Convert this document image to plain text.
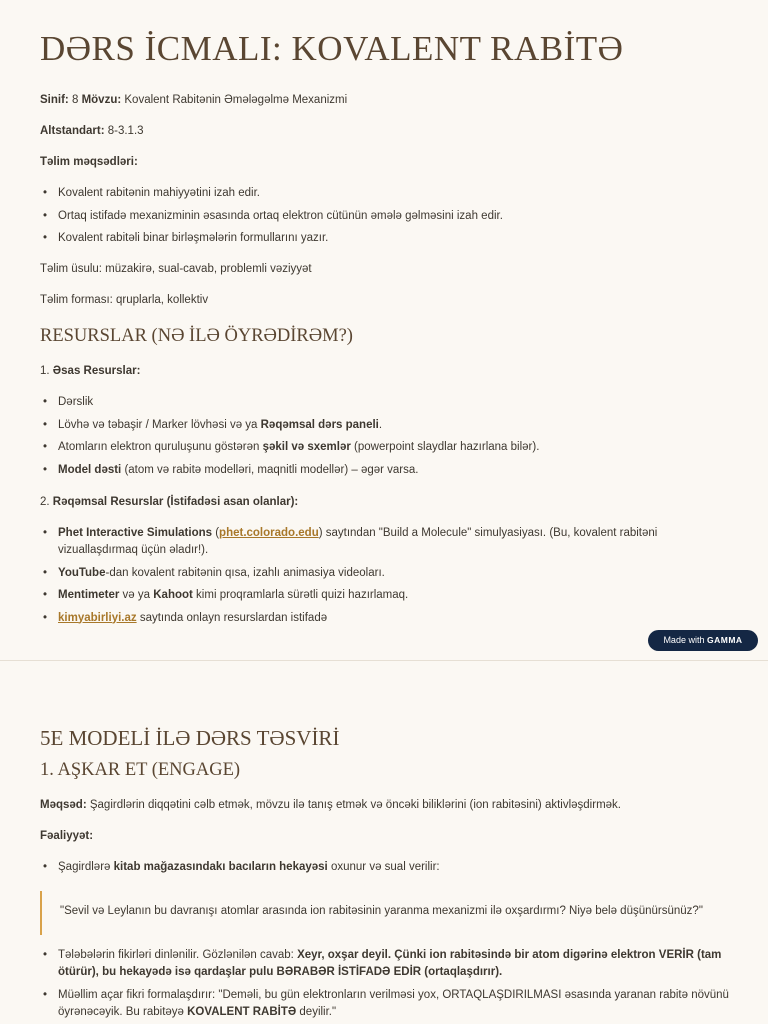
DƏRS İCMALI: KOVALENT RABİTƏ

Sinif: 8 Mövzu: Kovalent Rabitənin Əmələgəlmə Mexanizmi

Altstandart: 8-3.1.3

Təlim məqsədləri:

• Kovalent rabitənin mahiyyətini izah edir.
• Ortaq istifadə mexanizminin əsasında ortaq elektron cütünün əmələ gəlməsini izah edir.
• Kovalent rabitəli binar birləşmələrin formullarını yazır.

Təlim üsulu: müzakirə, sual-cavab, problemli vəziyyət

Təlim forması: qruplarla, kollektiv

RESURSLAR (NƏ İLƏ ÖYRƏDİRƏM?)

1. Əsas Resurslar:

• Dərslik
• Lövhə və təbaşir / Marker lövhəsi və ya Rəqəmsal dərs paneli.
• Atomların elektron quruluşunu göstərən şəkil və sxemlər (powerpoint slaydlar hazırlana bilər).
• Model dəsti (atom və rabitə modelləri, maqnitli modellər) – əgər varsa.

2. Rəqəmsal Resurslar (İstifadəsi asan olanlar):

• Phet Interactive Simulations (phet.colorado.edu) saytından "Build a Molecule" simulyasiyası. (Bu, kovalent rabitəni vizuallaşdırmaq üçün əladır!).
• YouTube-dan kovalent rabitənin qısa, izahlı animasiya videoları.
• Mentimeter və ya Kahoot kimi proqramlarla sürətli quizi hazırlamaq.
• kimyabirliyi.az saytında onlayn resurslardan istifadə
Made with GAMMA
5E MODELİ İLƏ DƏRS TƏSVİRİ
1. AŞKAR ET (ENGAGE)

Məqsəd: Şagirdlərin diqqətini cəlb etmək, mövzu ilə tanış etmək və öncəki biliklərini (ion rabitəsini) aktivləşdirmək.

Fəaliyyət:

• Şagirdlərə kitab mağazasındakı bacıların hekayəsi oxunur və sual verilir:
• Tələbələrin fikirləri dinlənilir. Gözlənilən cavab: Xeyr, oxşar deyil. Çünki ion rabitəsində bir atom digərinə elektron VERİR (tam ötürür), bu hekayədə isə qardaşlar pulu BƏRABƏR İSTİFADƏ EDİR (ortaqlaşdırır).
• Müəllim açar fikri formalaşdırır: "Deməli, bu gün elektronların verilməsi yox, ORTAQLAŞDIRILMASI əsasında yaranan rabitə növünü öyrənəcəyik. Bu rabitəyə KOVALENT RABİTƏ deyilir."
"Sevil və Leylanın bu davranışı atomlar arasında ion rabitəsinin yaranma mexanizmi ilə oxşardırmı? Niyə belə düşünürsünüz?"
